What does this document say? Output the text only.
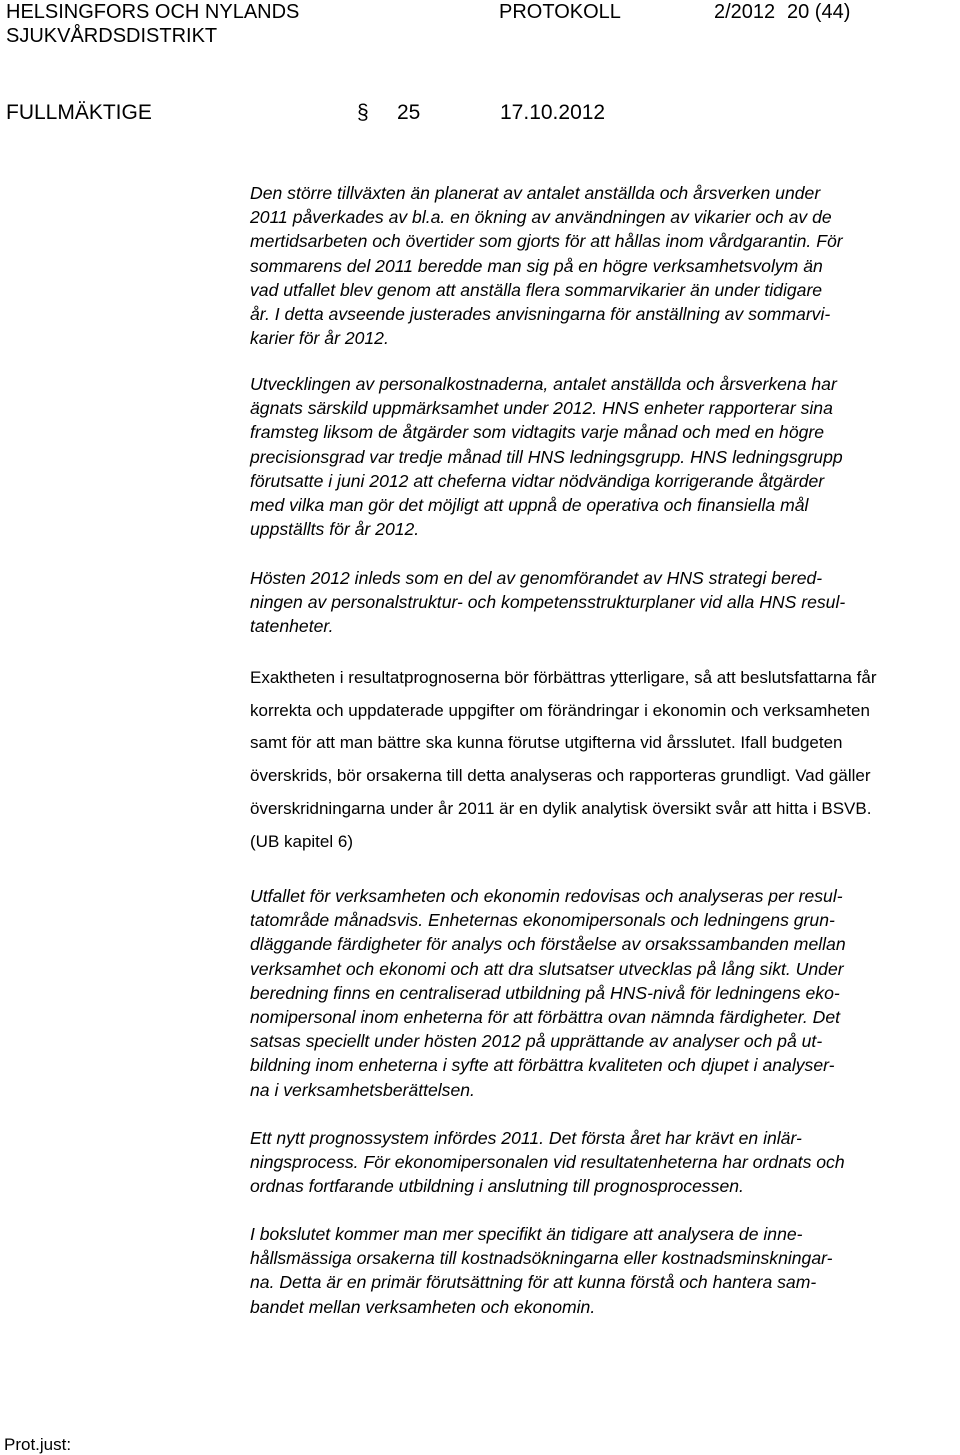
HELSINGFORS OCH NYLANDS
SJUKVÅRDSDISTRIKT
PROTOKOLL	2/2012 20 (44)
FULLMÄKTIGE	§ 25	17.10.2012

Den större tillväxten än planerat av antalet anställda och årsverken under
2011 påverkades av bl.a. en ökning av användningen av vikarier och av de
mertidsarbeten och övertider som gjorts för att hållas inom vårdgarantin. För
sommarens del 2011 beredde man sig på en högre verksamhetsvolym än
vad utfallet blev genom att anställa flera sommarvikarier än under tidigare
år. I detta avseende justerades anvisningarna för anställning av sommarvi-
karier för år 2012.

Utvecklingen av personalkostnaderna, antalet anställda och årsverkena har
ägnats särskild uppmärksamhet under 2012. HNS enheter rapporterar sina
framsteg liksom de åtgärder som vidtagits varje månad och med en högre
precisionsgrad var tredje månad till HNS ledningsgrupp. HNS ledningsgrupp
förutsatte i juni 2012 att cheferna vidtar nödvändiga korrigerande åtgärder
med vilka man gör det möjligt att uppnå de operativa och finansiella mål
uppställts för år 2012.

Hösten 2012 inleds som en del av genomförandet av HNS strategi bered-
ningen av personalstruktur- och kompetensstrukturplaner vid alla HNS resul-
tatenheter.

Exaktheten i resultatprognoserna bör förbättras ytterligare, så att beslutsfattarna får
korrekta och uppdaterade uppgifter om förändringar i ekonomin och verksamheten
samt för att man bättre ska kunna förutse utgifterna vid årsslutet. Ifall budgeten
överskrids, bör orsakerna till detta analyseras och rapporteras grundligt. Vad gäller
överskridningarna under år 2011 är en dylik analytisk översikt svår att hitta i BSVB.
(UB kapitel 6)

Utfallet för verksamheten och ekonomin redovisas och analyseras per resul-
tatområde månadsvis. Enheternas ekonomipersonals och ledningens grun-
dläggande färdigheter för analys och förståelse av orsakssambanden mellan
verksamhet och ekonomi och att dra slutsatser utvecklas på lång sikt. Under
beredning finns en centraliserad utbildning på HNS-nivå för ledningens eko-
nomipersonal inom enheterna för att förbättra ovan nämnda färdigheter. Det
satsas speciellt under hösten 2012 på upprättande av analyser och på ut-
bildning inom enheterna i syfte att förbättra kvaliteten och djupet i analyser-
na i verksamhetsberättelsen.

Ett nytt prognossystem infördes 2011. Det första året har krävt en inlär-
ningsprocess. För ekonomipersonalen vid resultatenheterna har ordnats och
ordnas fortfarande utbildning i anslutning till prognosprocessen.

I bokslutet kommer man mer specifikt än tidigare att analysera de inne-
hållsmässiga orsakerna till kostnadsökningarna eller kostnadsminskningar-
na. Detta är en primär förutsättning för att kunna förstå och hantera sam-
bandet mellan verksamheten och ekonomin.

Prot.just:
